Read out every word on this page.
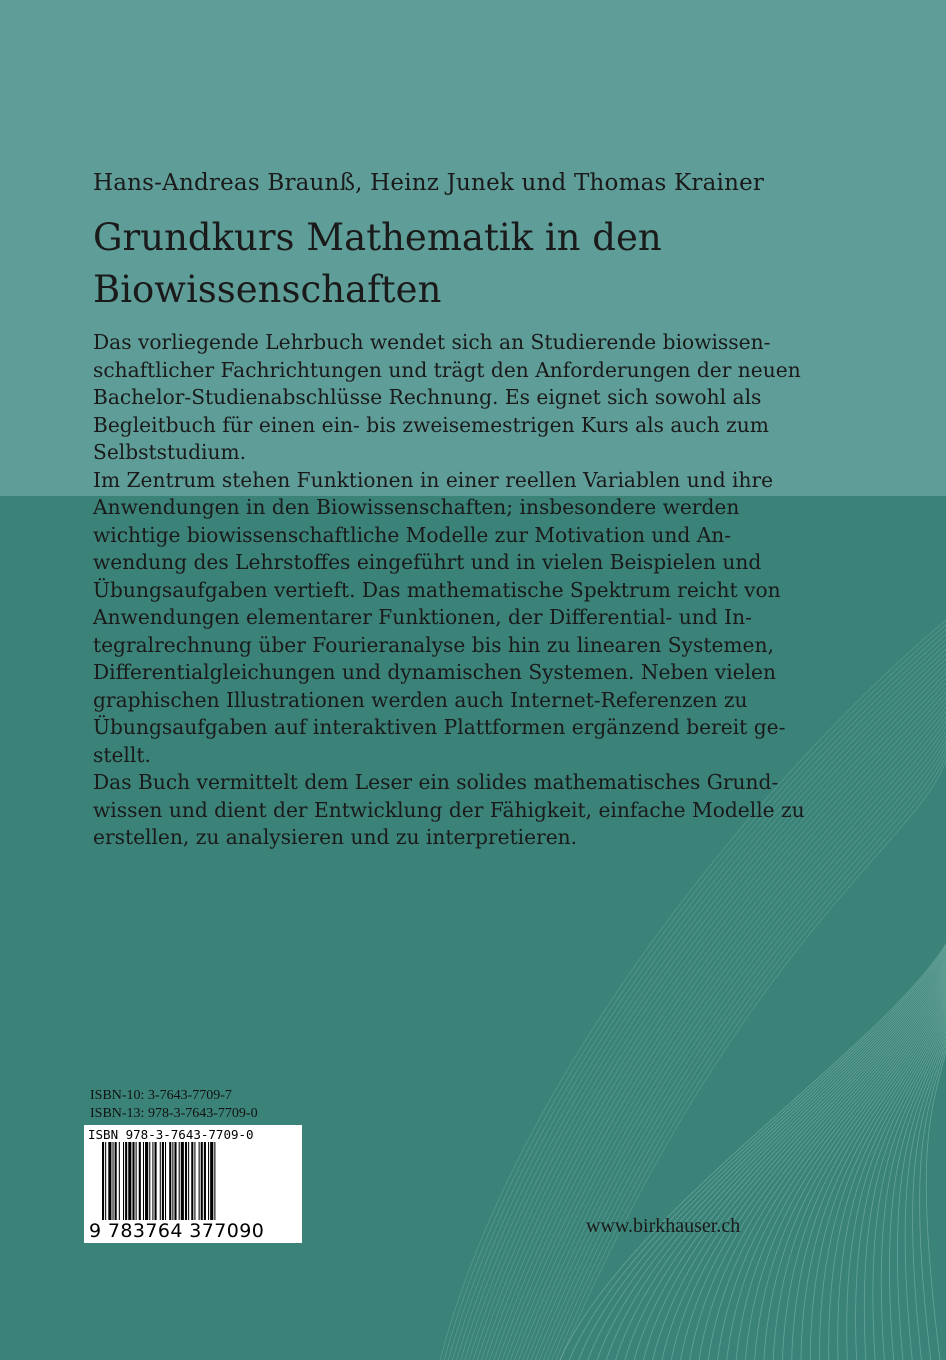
Hans-Andreas Braunß, Heinz Junek und Thomas Krainer
Grundkurs Mathematik in den
Biowissenschaften

Das vorliegende Lehrbuch wendet sich an Studierende biowissen-
schaftlicher Fachrichtungen und trägt den Anforderungen der neuen
Bachelor-Studienabschlüsse Rechnung. Es eignet sich sowohl als
Begleitbuch für einen ein- bis zweisemestrigen Kurs als auch zum
Selbststudium.

Im Zentrum stehen Funktionen in einer reellen Variablen und ihre
Anwendungen in den Biowissenschaften; insbesondere werden
wichtige biowissenschaftliche Modelle zur Motivation und An-
wendung des Lehrstoffes eingeführt und in vielen Beispielen und
Übungsaufgaben vertieft. Das mathematische Spektrum reicht von
Anwendungen elementarer Funktionen, der Differential- und In-
tegralrechnung über Fourieranalyse bis hin zu linearen Systemen,
Differentialgleichungen und dynamischen Systemen. Neben vielen
graphischen Illustrationen werden auch Internet-Referenzen zu
Übungsaufgaben auf interaktiven Plattformen ergänzend bereit ge-
stellt.

Das Buch vermittelt dem Leser ein solides mathematisches Grund-
wissen und dient der Entwicklung der Fähigkeit, einfache Modelle zu
erstellen, zu analysieren und zu interpretieren.

ISBN-10: 3-7643-7709-7
ISBN-13: 978-3-7643-7709-0
ISBN 978-3-7643-7709-0
9 783764 377090	www.birkhauser.ch
